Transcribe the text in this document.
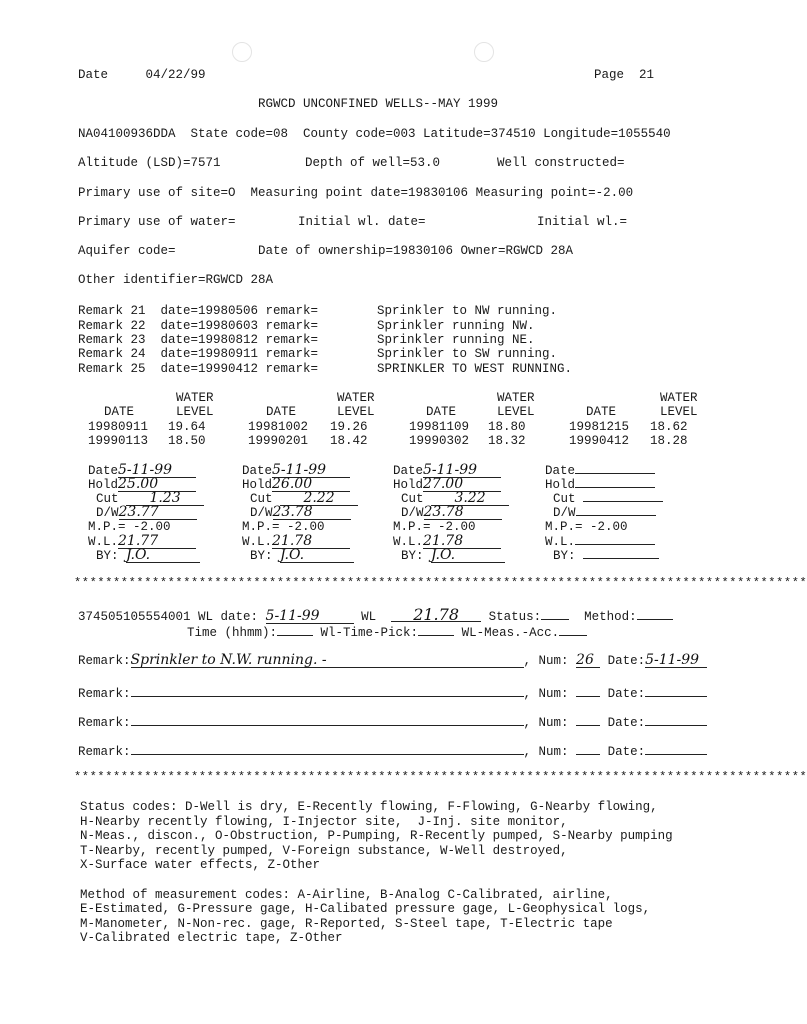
Date	04/22/99	Page 21
RGWCD UNCONFINED WELLS--MAY 1999
NA04100936DDA  State code=08  County code=003 Latitude=374510 Longitude=1055540
Altitude (LSD)=7571	Depth of well=53.0	Well constructed=
Primary use of site=O  Measuring point date=19830106 Measuring point=-2.00
Primary use of water=	Initial wl. date=	Initial wl.=
Aquifer code=	Date of ownership=19830106 Owner=RGWCD 28A
Other identifier=RGWCD 28A
Remark 21 date=19980506 remark=	Sprinkler to NW running.
Remark 22 date=19980603 remark=	Sprinkler running NW.
Remark 23 date=19980812 remark=	Sprinkler running NE.
Remark 24 date=19980911 remark=	Sprinkler to SW running.
Remark 25 date=19990412 remark=	SPRINKLER TO WEST RUNNING.
WATER
DATE	LEVEL
19980911 19.64
19990113 18.50
WATER
DATE	LEVEL
19981002 19.26
19990201 18.42
WATER
DATE	LEVEL
19981109 18.80
19990302 18.32
WATER
DATE	LEVEL
19981215 18.62
19990412 18.28
Date5-11-99
Hold25.00
Cut 1.23
D/W23.77
M.P.= -2.00
W.L.21.77
BY: J.O.
Date5-11-99
Hold26.00
Cut 2.22
D/W23.78
M.P.= -2.00
W.L.21.78
BY: J.O.
Date5-11-99
Hold27.00
Cut 3.22
D/W23.78
M.P.= -2.00
W.L.21.78
BY: J.O.
Date
Hold
Cut
D/W
M.P.= -2.00
W.L.
BY:
**********************************************************************************************
374505105554001 WL date: 5-11-99	WL 21.78 Status:	Method:
Time (hhmm):	Wl-Time-Pick:	WL-Meas.-Acc.
Remark:Sprinkler to N.W. running. -	, Num: 26 Date:5-11-99
Remark:	, Num:	Date:
Remark:	, Num:	Date:
Remark:	, Num:	Date:
**********************************************************************************************
Status codes: D-Well is dry, E-Recently flowing, F-Flowing, G-Nearby flowing,
H-Nearby recently flowing, I-Injector site,  J-Inj. site monitor,
N-Meas., discon., O-Obstruction, P-Pumping, R-Recently pumped, S-Nearby pumping
T-Nearby, recently pumped, V-Foreign substance, W-Well destroyed,
X-Surface water effects, Z-Other
Method of measurement codes: A-Airline, B-Analog C-Calibrated, airline,
E-Estimated, G-Pressure gage, H-Calibated pressure gage, L-Geophysical logs,
M-Manometer, N-Non-rec. gage, R-Reported, S-Steel tape, T-Electric tape
V-Calibrated electric tape, Z-Other
